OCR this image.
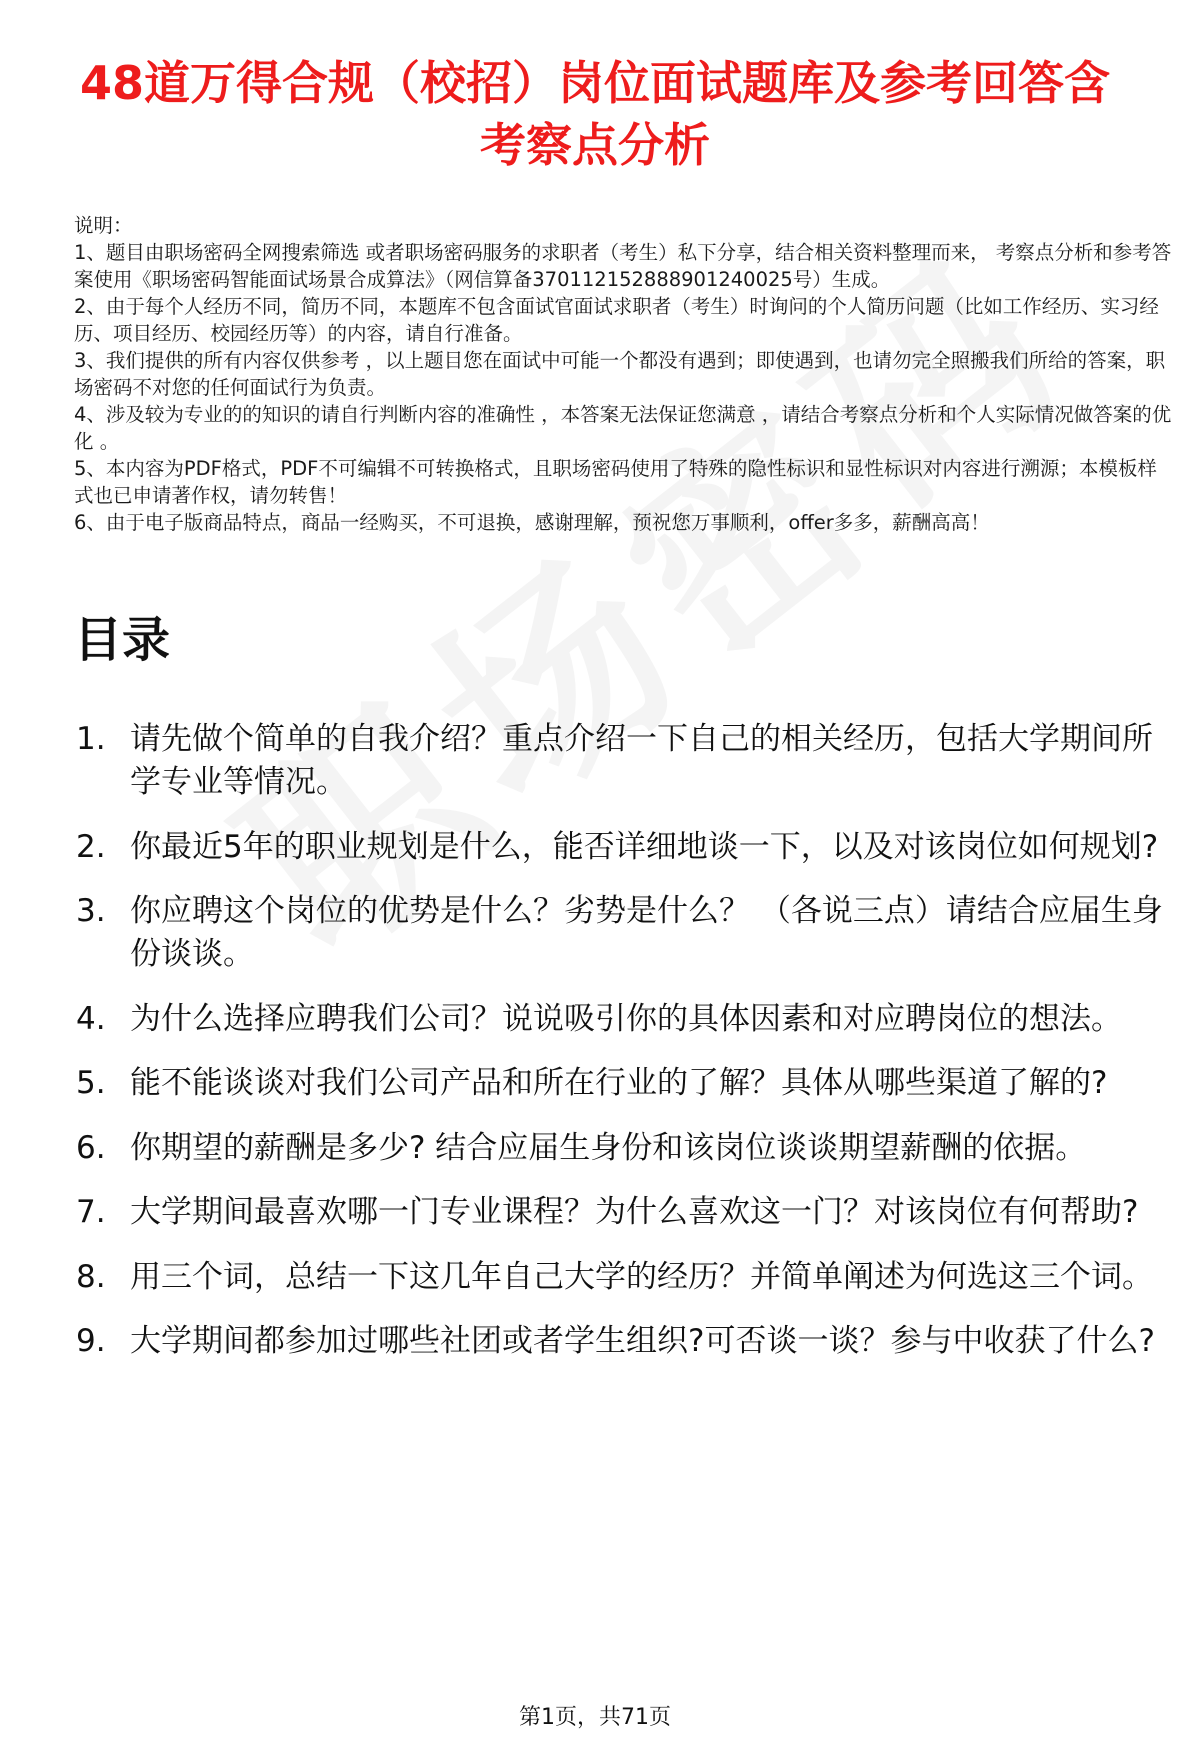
48道万得合规（校招）岗位面试题库及参考回答含考察点分析

说明：

1、题目由职场密码全网搜索筛选 或者职场密码服务的求职者（考生）私下分享，结合相关资料整理而来， 考察点分析和参考答案使用《职场密码智能面试场景合成算法》（网信算备370112152888901240025号）生成。

2、由于每个人经历不同，简历不同，本题库不包含面试官面试求职者（考生）时询问的个人简历问题（比如工作经历、实习经历、项目经历、校园经历等）的内容，请自行准备。

3、我们提供的所有内容仅供参考 ，以上题目您在面试中可能一个都没有遇到；即使遇到，也请勿完全照搬我们所给的答案，职场密码不对您的任何面试行为负责。

4、涉及较为专业的的知识的请自行判断内容的准确性 ，本答案无法保证您满意 ，请结合考察点分析和个人实际情况做答案的优化 。

5、本内容为PDF格式，PDF不可编辑不可转换格式，且职场密码使用了特殊的隐性标识和显性标识对内容进行溯源；本模板样式也已申请著作权，请勿转售！

6、由于电子版商品特点，商品一经购买，不可退换，感谢理解，预祝您万事顺利，offer多多，薪酬高高！

目录
1. 请先做个简单的自我介绍？重点介绍一下自己的相关经历，包括大学期间所学专业等情况。
2. 你最近5年的职业规划是什么，能否详细地谈一下，以及对该岗位如何规划?
3. 你应聘这个岗位的优势是什么？劣势是什么？ （各说三点）请结合应届生身份谈谈。
4. 为什么选择应聘我们公司？说说吸引你的具体因素和对应聘岗位的想法。
5. 能不能谈谈对我们公司产品和所在行业的了解？具体从哪些渠道了解的?
6. 你期望的薪酬是多少? 结合应届生身份和该岗位谈谈期望薪酬的依据。
7. 大学期间最喜欢哪一门专业课程？为什么喜欢这一门？对该岗位有何帮助?
8. 用三个词，总结一下这几年自己大学的经历？并简单阐述为何选这三个词。
9. 大学期间都参加过哪些社团或者学生组织?可否谈一谈？参与中收获了什么?
第1页，共71页
